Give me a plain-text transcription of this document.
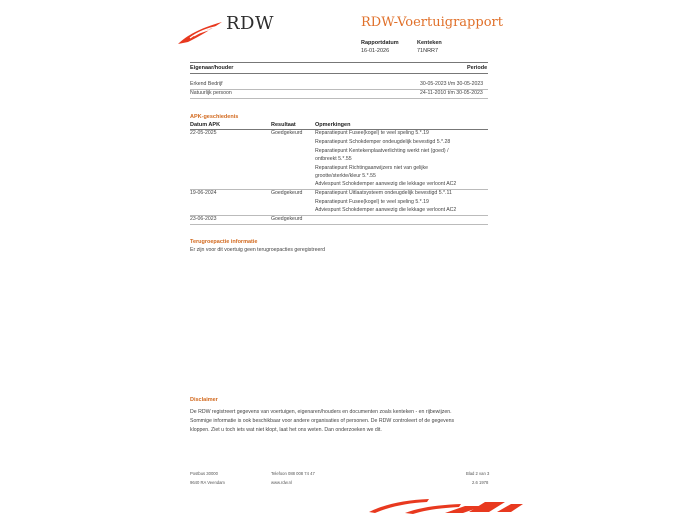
RDW	RDW-Voertuigrapport
Rapportdatum
16-01-2026
Kenteken
71NRR7
Eigenaar/houder	Periode
Erkend Bedrijf	30-05-2023 t/m 30-05-2023
Natuurlijk persoon	24-11-2010 t/m 30-05-2023
APK-geschiedenis
Datum APK	Resultaat	Opmerkingen
22-05-2025	Goedgekeurd Reparatiepunt Fusee(kogel) te veel speling 5.*.19
Reparatiepunt Schokdemper ondeugdelijk bevestigd 5.*.28
Reparatiepunt Kentekenplaatverlichting werkt niet (goed) /
ontbreekt 5.*.55
Reparatiepunt Richtingaanwijzers niet van gelijke
grootte/sterkte/kleur 5.*.55
Advlespunt Schokdemper aanwezig die lekkage verloont AC2
19-06-2024	Goedgekeurd Reparatiepunt Uitlaatsysteem ondeugdelijk bevestigd 5.*.11
Reparatiepunt Fusee(kogel) te veel speling 5.*.19
Adviespunt Schokdemper aanwezig die lekkage verloont AC2
23-06-2023	Goedgekeurd
Terugroepactie informatie
Er zijn voor dit voertuig geen terugroepacties geregistreerd
Disclaimer
De RDW registreert gegevens van voertuigen, eigenaren/houders en documenten zoals kenteken - en rijbewijzen.
Sommige informatie is ook beschikbaar voor andere organisaties of personen. De RDW controleert of de gegevens
kloppen. Ziet u toch iets wat niet klopt, laat het ons weten. Dan onderzoeken we dit.
Postbus 30000
9640 RA Veendam
Telefoon 088 008 74 47
www.rdw.nl
Blad 2 van 3
2.6 1978
